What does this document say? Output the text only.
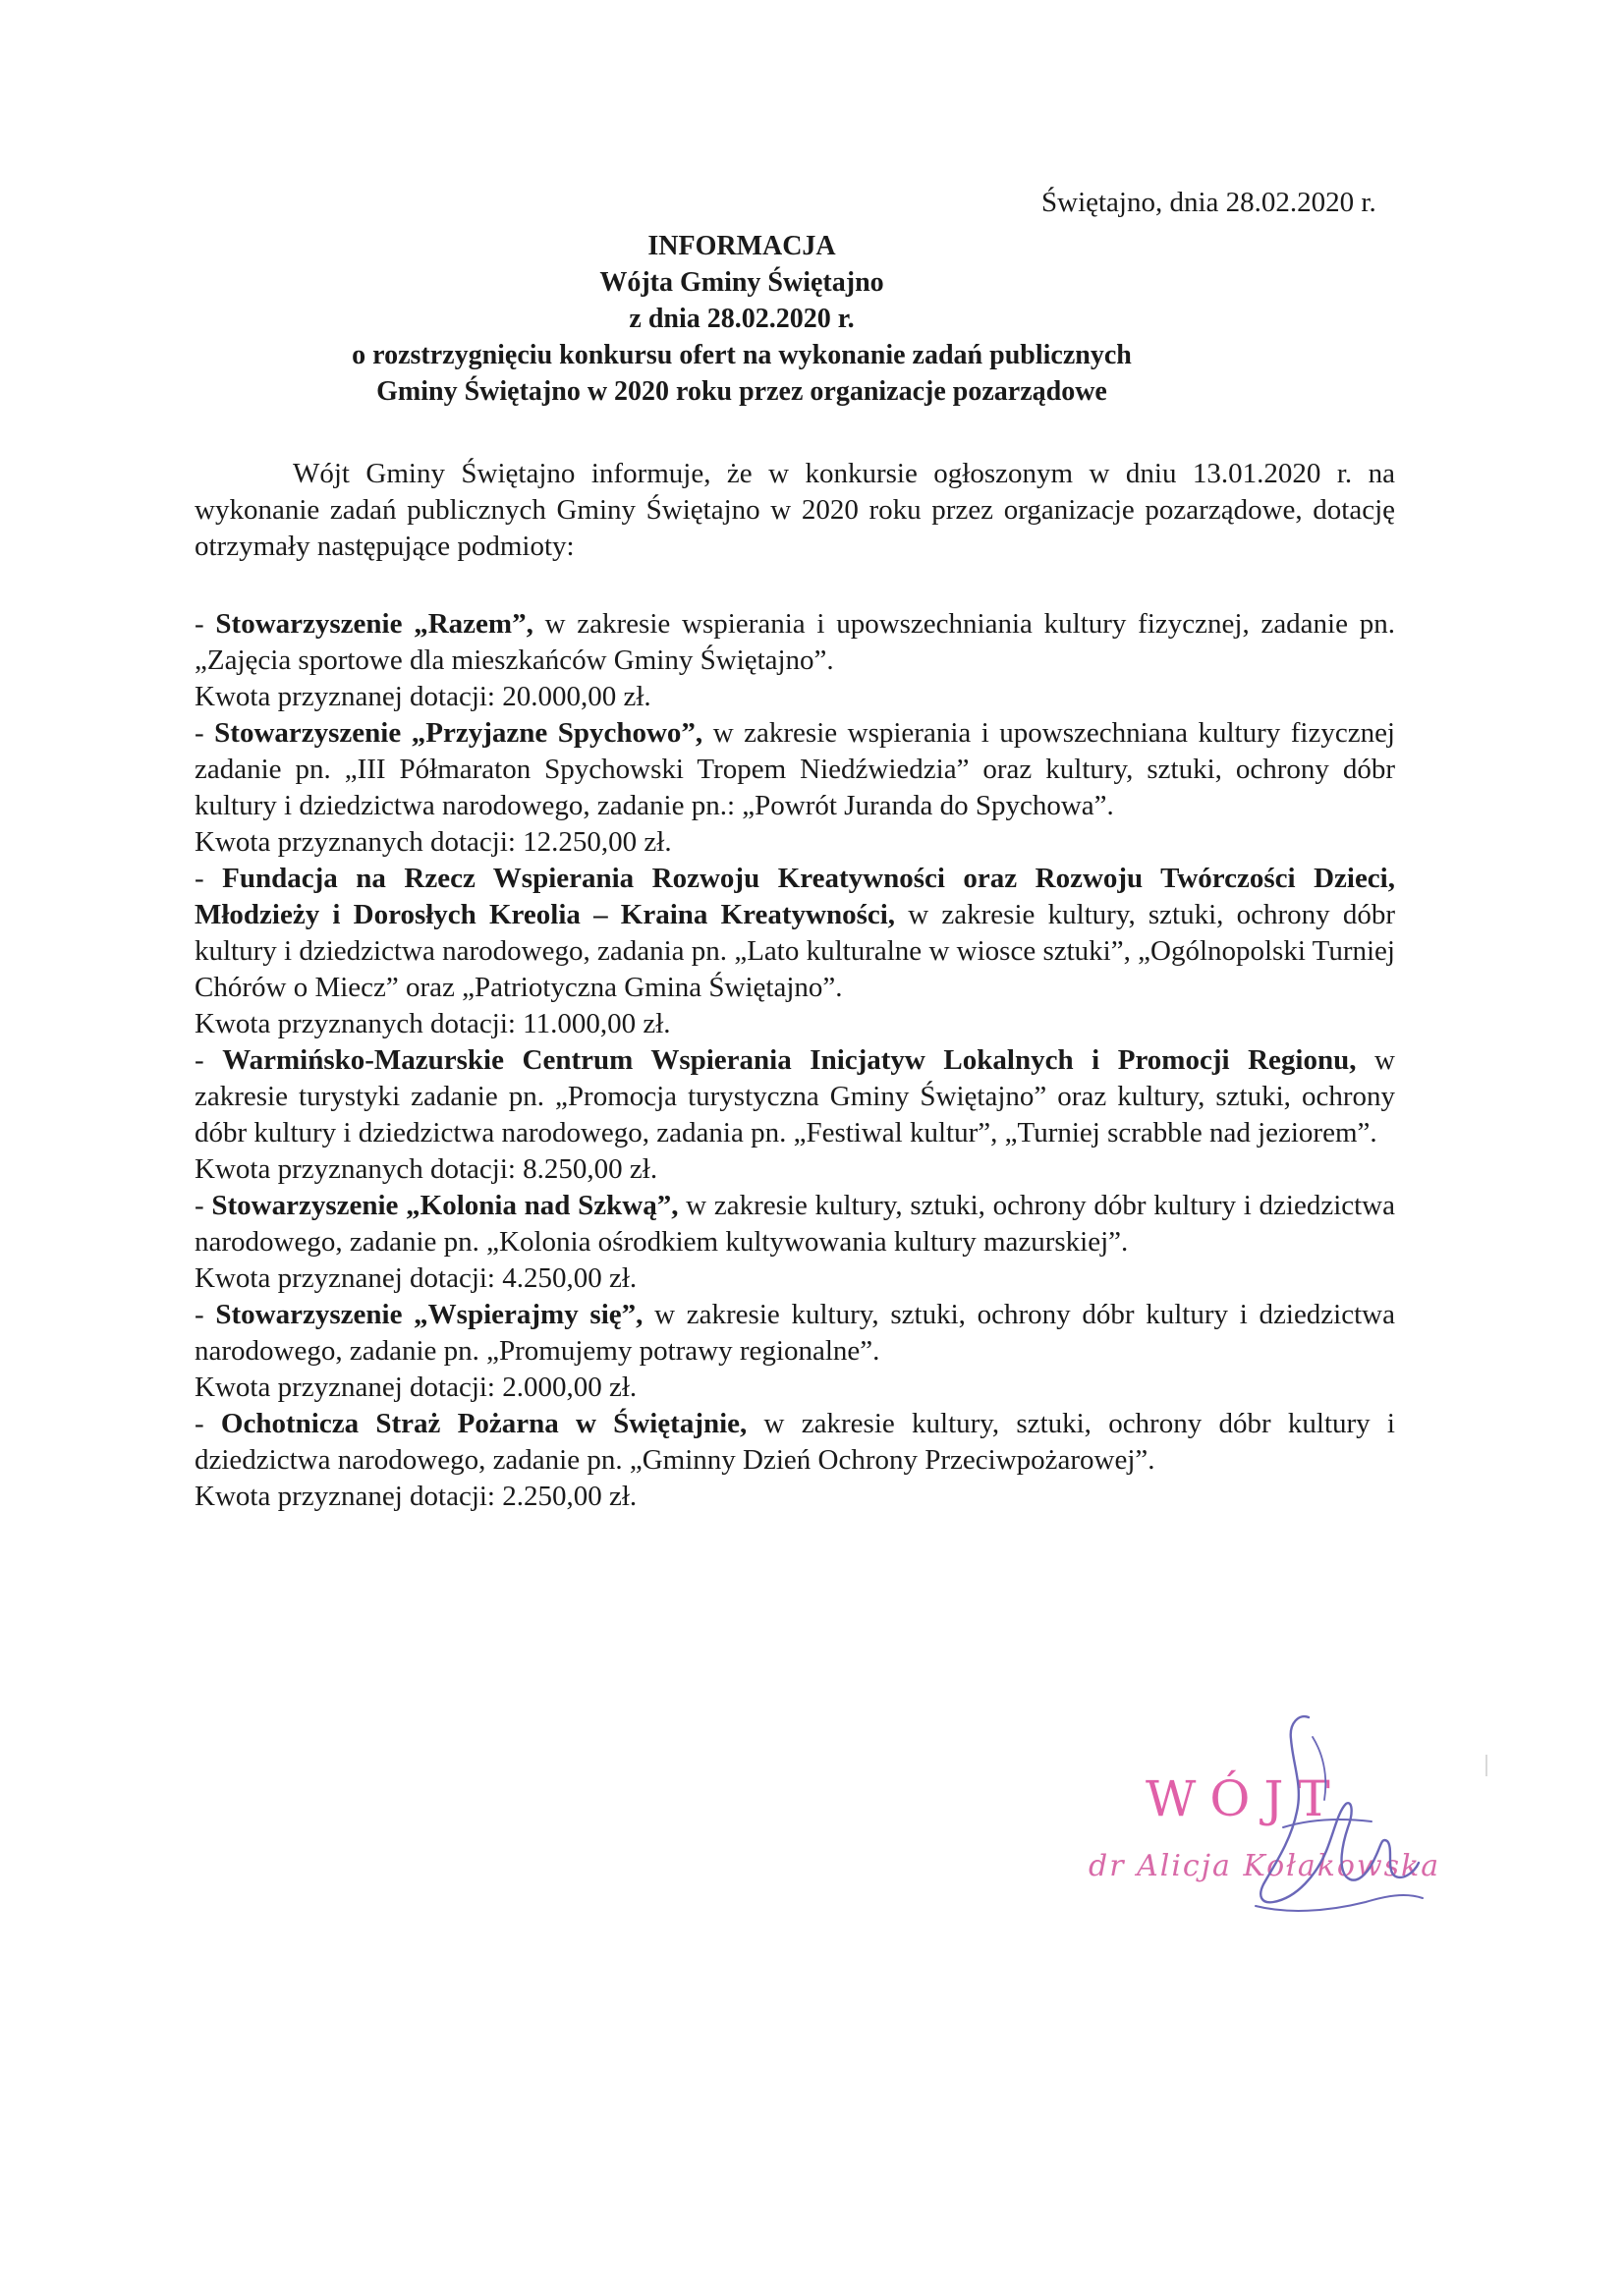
Świętajno, dnia 28.02.2020 r.
INFORMACJA
Wójta Gminy Świętajno
z dnia 28.02.2020 r.
o rozstrzygnięciu konkursu ofert na wykonanie zadań publicznych
Gminy Świętajno w 2020 roku przez organizacje pozarządowe
Wójt Gminy Świętajno informuje, że w konkursie ogłoszonym w dniu 13.01.2020 r. na wykonanie zadań publicznych Gminy Świętajno w 2020 roku przez organizacje pozarządowe, dotację otrzymały następujące podmioty:
- Stowarzyszenie „Razem”, w zakresie wspierania i upowszechniania kultury fizycznej, zadanie pn. „Zajęcia sportowe dla mieszkańców Gminy Świętajno”.
Kwota przyznanej dotacji: 20.000,00 zł.
- Stowarzyszenie „Przyjazne Spychowo”, w zakresie wspierania i upowszechniana kultury fizycznej zadanie pn. „III Półmaraton Spychowski Tropem Niedźwiedzia” oraz kultury, sztuki, ochrony dóbr kultury i dziedzictwa narodowego, zadanie pn.: „Powrót Juranda do Spychowa”.
Kwota przyznanych dotacji: 12.250,00 zł.
- Fundacja na Rzecz Wspierania Rozwoju Kreatywności oraz Rozwoju Twórczości Dzieci, Młodzieży i Dorosłych Kreolia – Kraina Kreatywności, w zakresie kultury, sztuki, ochrony dóbr kultury i dziedzictwa narodowego, zadania pn. „Lato kulturalne w wiosce sztuki”, „Ogólnopolski Turniej Chórów o Miecz” oraz „Patriotyczna Gmina Świętajno”.
Kwota przyznanych dotacji: 11.000,00 zł.
- Warmińsko-Mazurskie Centrum Wspierania Inicjatyw Lokalnych i Promocji Regionu, w zakresie turystyki zadanie pn. „Promocja turystyczna Gminy Świętajno” oraz kultury, sztuki, ochrony dóbr kultury i dziedzictwa narodowego, zadania pn. „Festiwal kultur”, „Turniej scrabble nad jeziorem”.
Kwota przyznanych dotacji: 8.250,00 zł.
- Stowarzyszenie „Kolonia nad Szkwą”, w zakresie kultury, sztuki, ochrony dóbr kultury i dziedzictwa narodowego, zadanie pn. „Kolonia ośrodkiem kultywowania kultury mazurskiej”.
Kwota przyznanej dotacji: 4.250,00 zł.
- Stowarzyszenie „Wspierajmy się”, w zakresie kultury, sztuki, ochrony dóbr kultury i dziedzictwa narodowego, zadanie pn. „Promujemy potrawy regionalne”.
Kwota przyznanej dotacji: 2.000,00 zł.
- Ochotnicza Straż Pożarna w Świętajnie, w zakresie kultury, sztuki, ochrony dóbr kultury i dziedzictwa narodowego, zadanie pn. „Gminny Dzień Ochrony Przeciwpożarowej”.
Kwota przyznanej dotacji: 2.250,00 zł.
WÓJT
dr Alicja Kołakowska
